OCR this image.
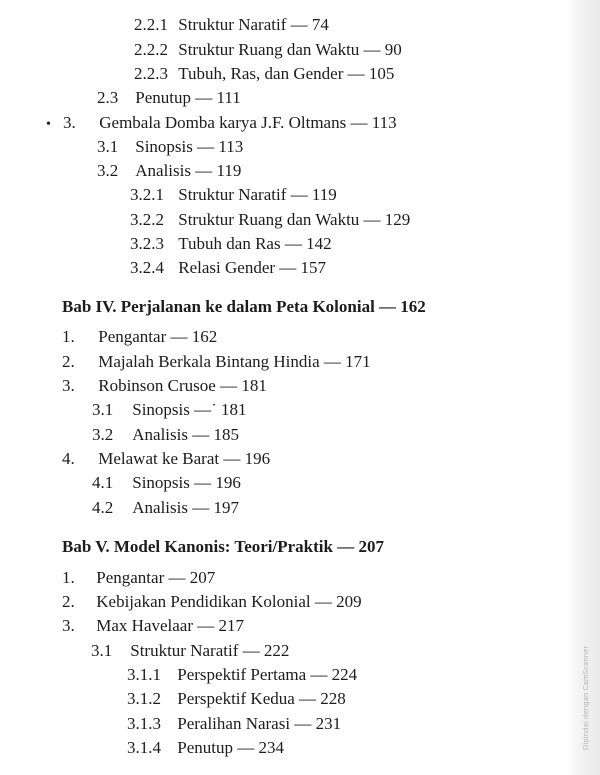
Dipindai dengan CamScanner
•
2.2.1 Struktur Naratif — 74
2.2.2 Struktur Ruang dan Waktu — 90
2.2.3 Tubuh, Ras, dan Gender — 105
2.3 Penutup — 111
3. Gembala Domba karya J.F. Oltmans — 113
3.1 Sinopsis — 113
3.2 Analisis — 119
3.2.1 Struktur Naratif — 119
3.2.2 Struktur Ruang dan Waktu — 129
3.2.3 Tubuh dan Ras — 142
3.2.4 Relasi Gender — 157
Bab IV. Perjalanan ke dalam Peta Kolonial — 162
1. Pengantar — 162
2. Majalah Berkala Bintang Hindia — 171
3. Robinson Crusoe — 181
3.1 Sinopsis —˙ 181
3.2 Analisis — 185
4. Melawat ke Barat — 196
4.1 Sinopsis — 196
4.2 Analisis — 197
Bab V. Model Kanonis: Teori/Praktik — 207
1. Pengantar — 207
2. Kebijakan Pendidikan Kolonial — 209
3. Max Havelaar — 217
3.1 Struktur Naratif — 222
3.1.1 Perspektif Pertama — 224
3.1.2 Perspektif Kedua — 228
3.1.3 Peralihan Narasi — 231
3.1.4 Penutup — 234
